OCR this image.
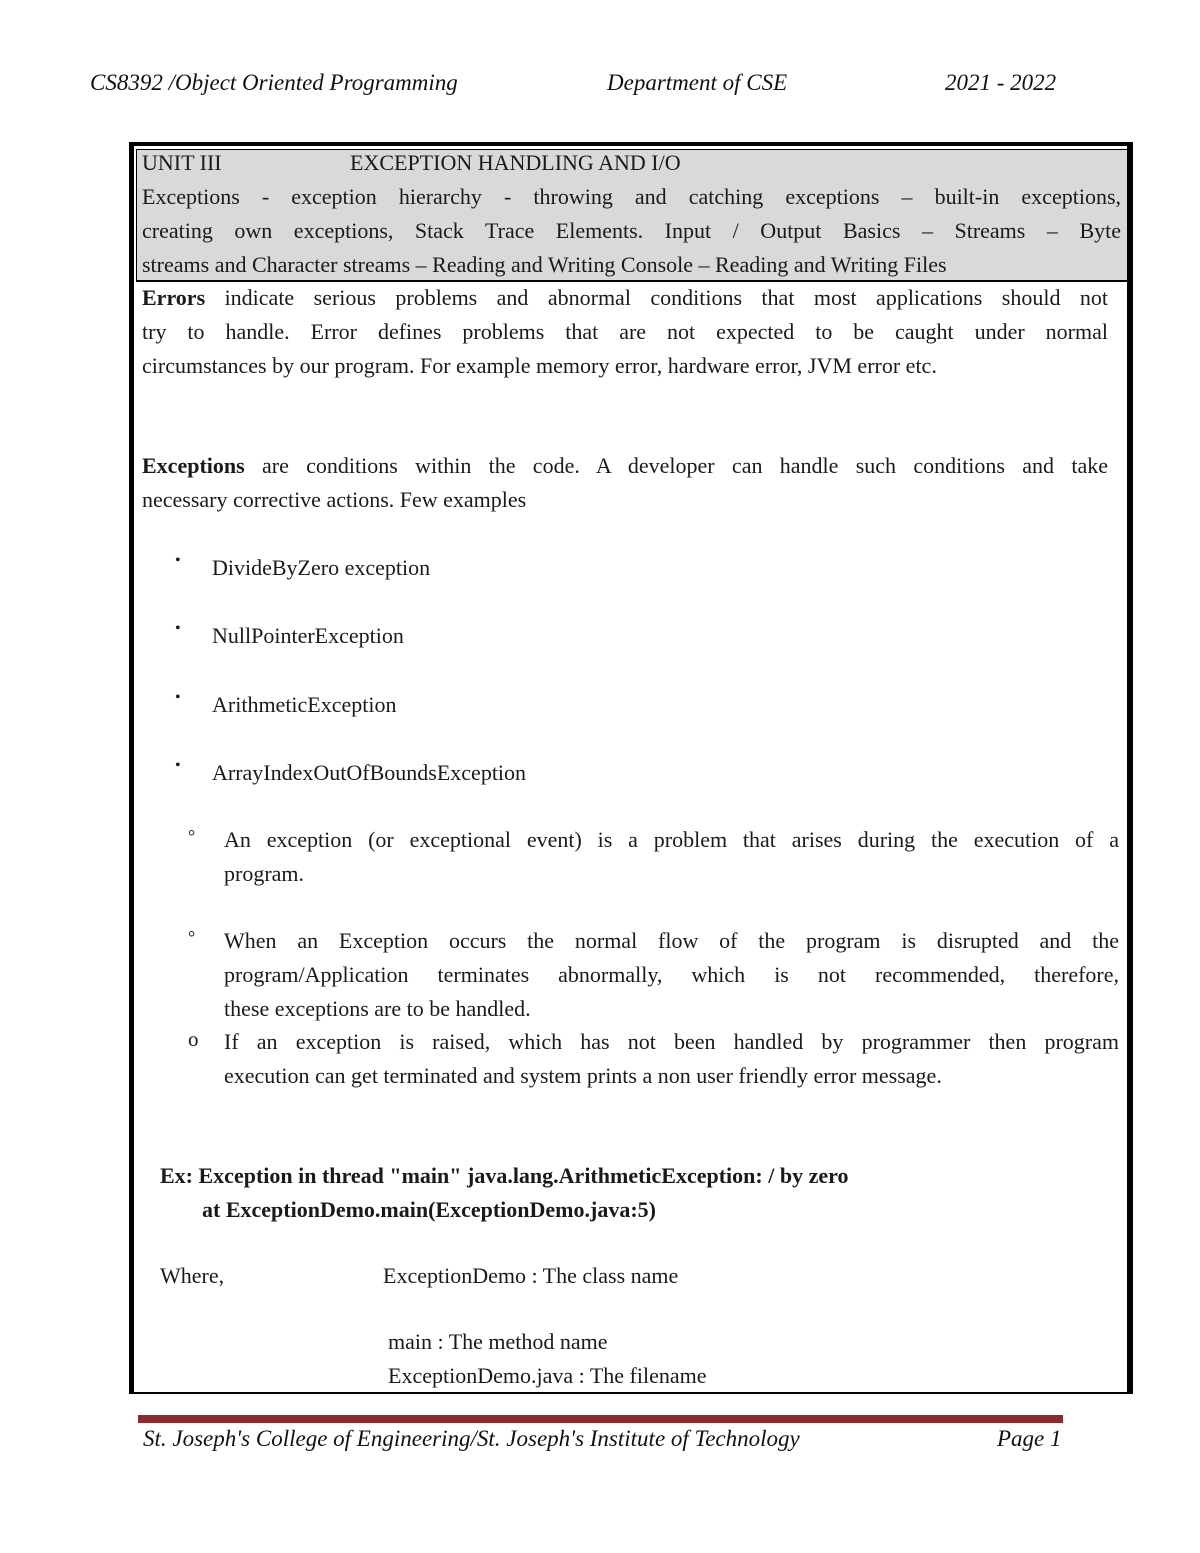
CS8392 /Object Oriented Programming	Department of CSE	2021 - 2022
UNIT III	EXCEPTION HANDLING AND I/O
Exceptions - exception hierarchy - throwing and catching exceptions – built-in exceptions,
creating own exceptions, Stack Trace Elements. Input / Output Basics – Streams – Byte
streams and Character streams – Reading and Writing Console – Reading and Writing Files
Errors indicate serious problems and abnormal conditions that most applications should not
try to handle. Error defines problems that are not expected to be caught under normal
circumstances by our program. For example memory error, hardware error, JVM error etc.
Exceptions are conditions within the code. A developer can handle such conditions and take
necessary corrective actions. Few examples
• DivideByZero exception
• NullPointerException
• ArithmeticException
• ArrayIndexOutOfBoundsException
° An exception (or exceptional event) is a problem that arises during the execution of a
program.
° When an Exception occurs the normal flow of the program is disrupted and the
program/Application terminates abnormally, which is not recommended, therefore,
these exceptions are to be handled.
o If an exception is raised, which has not been handled by programmer then program
execution can get terminated and system prints a non user friendly error message.
Ex: Exception in thread "main" java.lang.ArithmeticException: / by zero
at ExceptionDemo.main(ExceptionDemo.java:5)
Where,	ExceptionDemo : The class name
main : The method name
ExceptionDemo.java : The filename
St. Joseph's College of Engineering/St. Joseph's Institute of Technology	Page 1
